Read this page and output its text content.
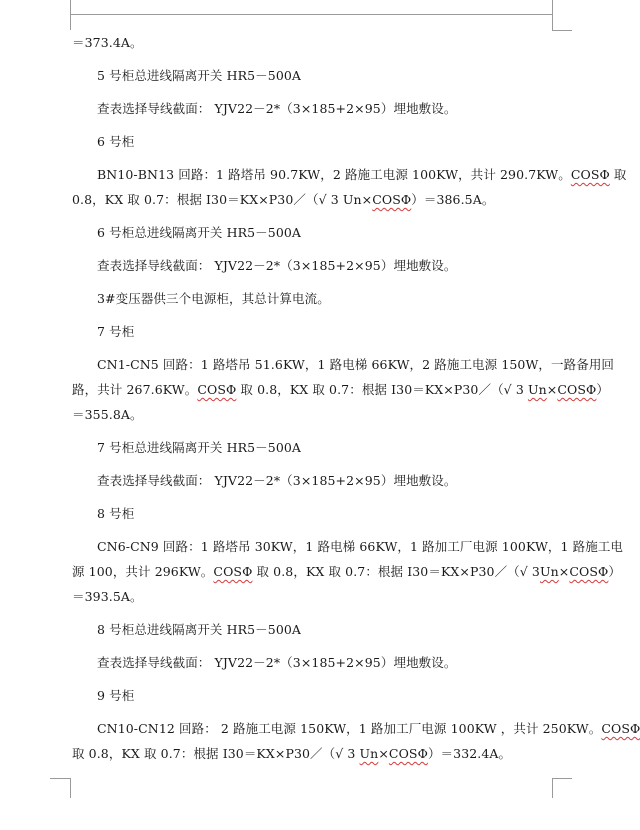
＝373.4A。
5 号柜总进线隔离开关 HR5－500A
查表选择导线截面： YJV22－2*（3×185+2×95）埋地敷设。
6 号柜
BN10-BN13 回路：1 路塔吊 90.7KW，2 路施工电源 100KW，共计 290.7KW。COSΦ 取
0.8，KX 取 0.7：根据 I30＝KX×P30／（√ 3 Un×COSΦ）＝386.5A。
6 号柜总进线隔离开关 HR5－500A
查表选择导线截面： YJV22－2*（3×185+2×95）埋地敷设。
3#变压器供三个电源柜，其总计算电流。
7 号柜
CN1-CN5 回路：1 路塔吊 51.6KW，1 路电梯 66KW，2 路施工电源 150W，一路备用回
路，共计 267.6KW。COSΦ 取 0.8，KX 取 0.7：根据 I30＝KX×P30／（√ 3 Un×COSΦ）
＝355.8A。
7 号柜总进线隔离开关 HR5－500A
查表选择导线截面： YJV22－2*（3×185+2×95）埋地敷设。
8 号柜
CN6-CN9 回路：1 路塔吊 30KW，1 路电梯 66KW，1 路加工厂电源 100KW，1 路施工电
源 100，共计 296KW。COSΦ 取 0.8，KX 取 0.7：根据 I30＝KX×P30／（√ 3Un×COSΦ）
＝393.5A。
8 号柜总进线隔离开关 HR5－500A
查表选择导线截面： YJV22－2*（3×185+2×95）埋地敷设。
9 号柜
CN10-CN12 回路： 2 路施工电源 150KW，1 路加工厂电源 100KW ，共计 250KW。COSΦ
取 0.8，KX 取 0.7：根据 I30＝KX×P30／（√ 3 Un×COSΦ）＝332.4A。
